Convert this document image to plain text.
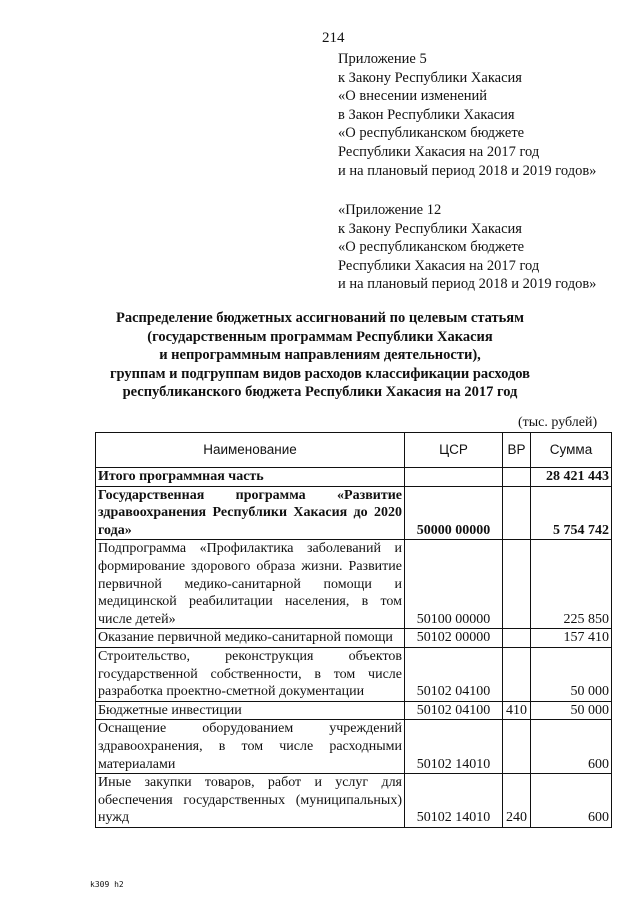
214
Приложение 5
к Закону Республики Хакасия
«О внесении изменений
в Закон Республики Хакасия
«О республиканском бюджете
Республики Хакасия на 2017 год
и на плановый период 2018 и 2019 годов»
«Приложение 12
к Закону Республики Хакасия
«О республиканском бюджете
Республики Хакасия на 2017 год
и на плановый период 2018 и 2019 годов»
Распределение бюджетных ассигнований по целевым статьям
(государственным программам Республики Хакасия
и непрограммным направлениям деятельности),
группам и подгруппам видов расходов классификации расходов
республиканского бюджета Республики Хакасия на 2017 год
(тыс. рублей)
Наименование	ЦСР	ВР	Сумма
Итого программная часть			28 421 443
Государственная программа «Развитие здравоохранения Республики Хакасия до 2020 года»	50000 00000		5 754 742
Подпрограмма «Профилактика заболеваний и формирование здорового образа жизни. Развитие первичной медико-санитарной помощи и медицинской реабилитации населения, в том числе детей»	50100 00000		225 850
Оказание первичной медико-санитарной помощи	50102 00000		157 410
Строительство, реконструкция объектов государственной собственности, в том числе разработка проектно-сметной документации	50102 04100		50 000
Бюджетные инвестиции	50102 04100	410	50 000
Оснащение оборудованием учреждений здравоохранения, в том числе расходными материалами	50102 14010		600
Иные закупки товаров, работ и услуг для обеспечения государственных (муниципальных) нужд	50102 14010	240	600
k309 h2
